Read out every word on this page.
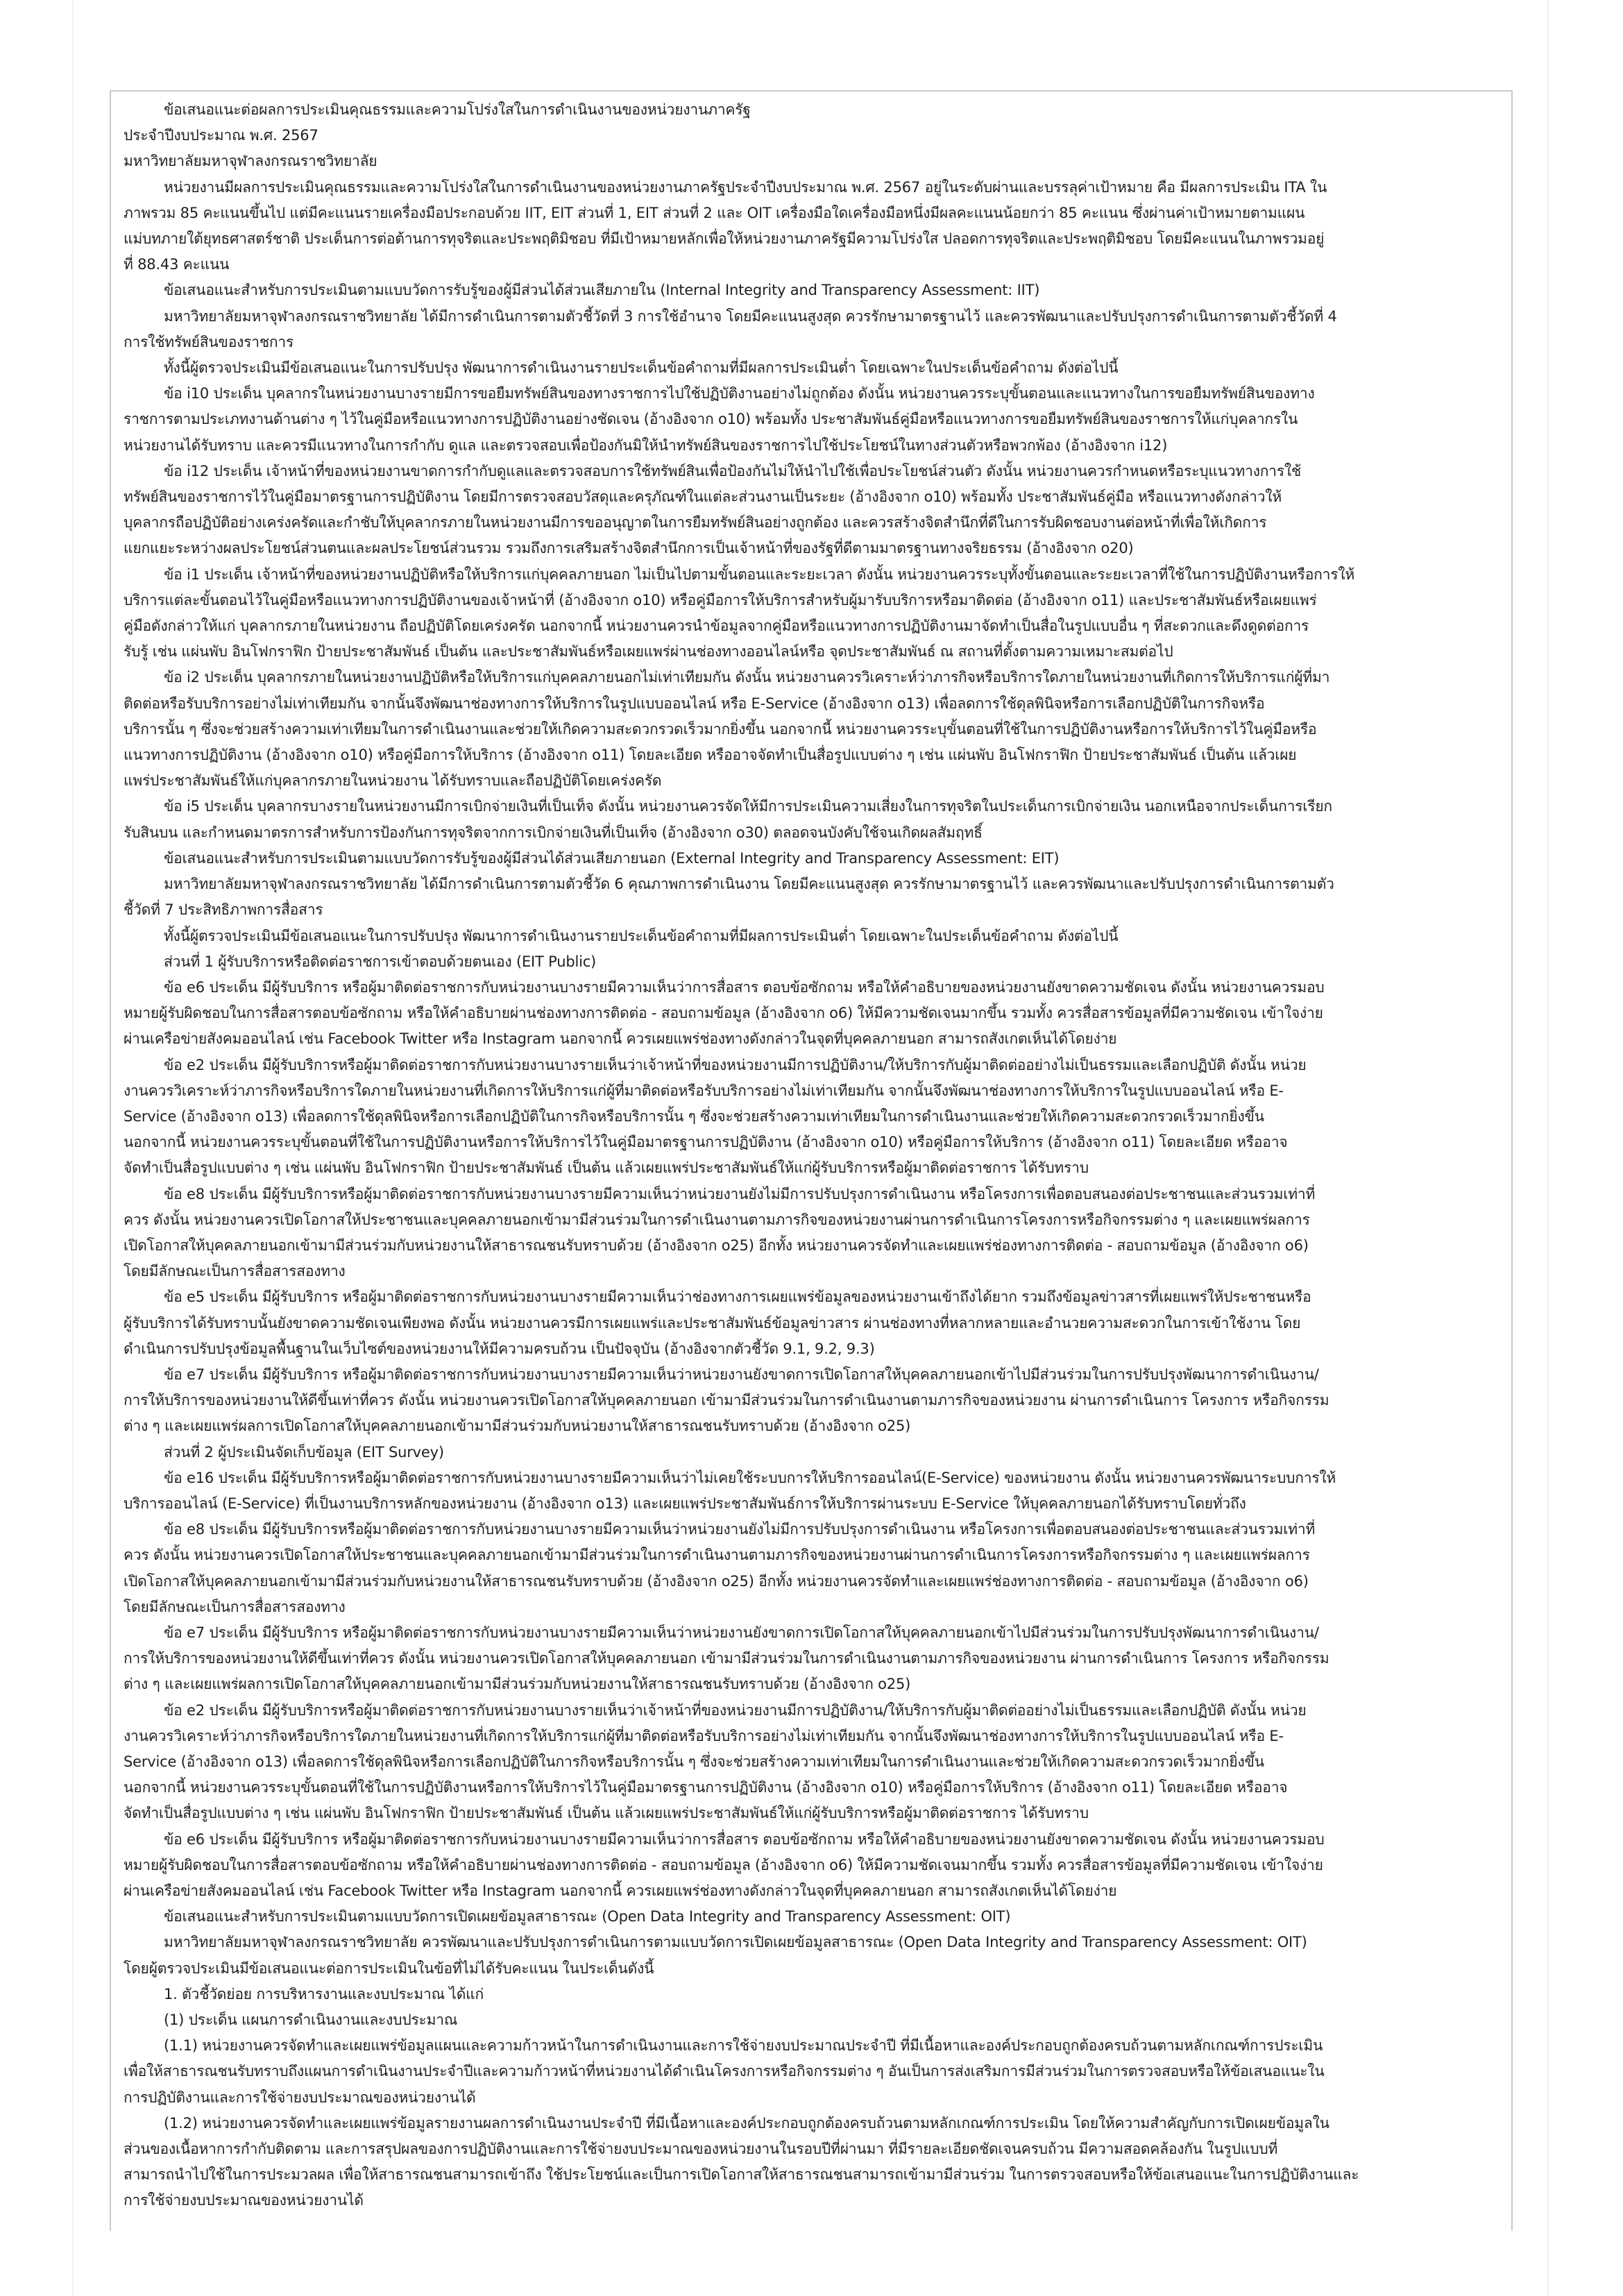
ข้อเสนอแนะต่อผลการประเมินคุณธรรมและความโปร่งใสในการดำเนินงานของหน่วยงานภาครัฐ
ประจำปีงบประมาณ พ.ศ. 2567
มหาวิทยาลัยมหาจุฬาลงกรณราชวิทยาลัย
หน่วยงานมีผลการประเมินคุณธรรมและความโปร่งใสในการดำเนินงานของหน่วยงานภาครัฐประจำปีงบประมาณ พ.ศ. 2567 อยู่ในระดับผ่านและบรรลุค่าเป้าหมาย คือ มีผลการประเมิน ITA ใน
ภาพรวม 85 คะแนนขึ้นไป แต่มีคะแนนรายเครื่องมือประกอบด้วย IIT, EIT ส่วนที่ 1, EIT ส่วนที่ 2 และ OIT เครื่องมือใดเครื่องมือหนึ่งมีผลคะแนนน้อยกว่า 85 คะแนน ซึ่งผ่านค่าเป้าหมายตามแผน
แม่บทภายใต้ยุทธศาสตร์ชาติ ประเด็นการต่อต้านการทุจริตและประพฤติมิชอบ ที่มีเป้าหมายหลักเพื่อให้หน่วยงานภาครัฐมีความโปร่งใส ปลอดการทุจริตและประพฤติมิชอบ โดยมีคะแนนในภาพรวมอยู่
ที่ 88.43 คะแนน
ข้อเสนอแนะสำหรับการประเมินตามแบบวัดการรับรู้ของผู้มีส่วนได้ส่วนเสียภายใน (Internal Integrity and Transparency Assessment: IIT)
มหาวิทยาลัยมหาจุฬาลงกรณราชวิทยาลัย ได้มีการดำเนินการตามตัวชี้วัดที่ 3 การใช้อำนาจ โดยมีคะแนนสูงสุด ควรรักษามาตรฐานไว้ และควรพัฒนาและปรับปรุงการดำเนินการตามตัวชี้วัดที่ 4
การใช้ทรัพย์สินของราชการ
ทั้งนี้ผู้ตรวจประเมินมีข้อเสนอแนะในการปรับปรุง พัฒนาการดำเนินงานรายประเด็นข้อคำถามที่มีผลการประเมินต่ำ โดยเฉพาะในประเด็นข้อคำถาม ดังต่อไปนี้
ข้อ i10 ประเด็น บุคลากรในหน่วยงานบางรายมีการขอยืมทรัพย์สินของทางราชการไปใช้ปฏิบัติงานอย่างไม่ถูกต้อง ดังนั้น หน่วยงานควรระบุขั้นตอนและแนวทางในการขอยืมทรัพย์สินของทาง
ราชการตามประเภทงานด้านต่าง ๆ ไว้ในคู่มือหรือแนวทางการปฏิบัติงานอย่างชัดเจน (อ้างอิงจาก o10) พร้อมทั้ง ประชาสัมพันธ์คู่มือหรือแนวทางการขอยืมทรัพย์สินของราชการให้แก่บุคลากรใน
หน่วยงานได้รับทราบ และควรมีแนวทางในการกำกับ ดูแล และตรวจสอบเพื่อป้องกันมิให้นำทรัพย์สินของราชการไปใช้ประโยชน์ในทางส่วนตัวหรือพวกพ้อง (อ้างอิงจาก i12)
ข้อ i12 ประเด็น เจ้าหน้าที่ของหน่วยงานขาดการกำกับดูแลและตรวจสอบการใช้ทรัพย์สินเพื่อป้องกันไม่ให้นำไปใช้เพื่อประโยชน์ส่วนตัว ดังนั้น หน่วยงานควรกำหนดหรือระบุแนวทางการใช้
ทรัพย์สินของราชการไว้ในคู่มือมาตรฐานการปฏิบัติงาน โดยมีการตรวจสอบวัสดุและครุภัณฑ์ในแต่ละส่วนงานเป็นระยะ (อ้างอิงจาก o10) พร้อมทั้ง ประชาสัมพันธ์คู่มือ หรือแนวทางดังกล่าวให้
บุคลากรถือปฏิบัติอย่างเคร่งครัดและกำชับให้บุคลากรภายในหน่วยงานมีการขออนุญาตในการยืมทรัพย์สินอย่างถูกต้อง และควรสร้างจิตสำนึกที่ดีในการรับผิดชอบงานต่อหน้าที่เพื่อให้เกิดการ
แยกแยะระหว่างผลประโยชน์ส่วนตนและผลประโยชน์ส่วนรวม รวมถึงการเสริมสร้างจิตสำนึกการเป็นเจ้าหน้าที่ของรัฐที่ดีตามมาตรฐานทางจริยธรรม (อ้างอิงจาก o20)
ข้อ i1 ประเด็น เจ้าหน้าที่ของหน่วยงานปฏิบัติหรือให้บริการแก่บุคคลภายนอก ไม่เป็นไปตามขั้นตอนและระยะเวลา ดังนั้น หน่วยงานควรระบุทั้งขั้นตอนและระยะเวลาที่ใช้ในการปฏิบัติงานหรือการให้
บริการแต่ละขั้นตอนไว้ในคู่มือหรือแนวทางการปฏิบัติงานของเจ้าหน้าที่ (อ้างอิงจาก o10) หรือคู่มือการให้บริการสำหรับผู้มารับบริการหรือมาติดต่อ (อ้างอิงจาก o11) และประชาสัมพันธ์หรือเผยแพร่
คู่มือดังกล่าวให้แก่ บุคลากรภายในหน่วยงาน ถือปฏิบัติโดยเคร่งครัด นอกจากนี้ หน่วยงานควรนำข้อมูลจากคู่มือหรือแนวทางการปฏิบัติงานมาจัดทำเป็นสื่อในรูปแบบอื่น ๆ ที่สะดวกและดึงดูดต่อการ
รับรู้ เช่น แผ่นพับ อินโฟกราฟิก ป้ายประชาสัมพันธ์ เป็นต้น และประชาสัมพันธ์หรือเผยแพร่ผ่านช่องทางออนไลน์หรือ จุดประชาสัมพันธ์ ณ สถานที่ตั้งตามความเหมาะสมต่อไป
ข้อ i2 ประเด็น บุคลากรภายในหน่วยงานปฏิบัติหรือให้บริการแก่บุคคลภายนอกไม่เท่าเทียมกัน ดังนั้น หน่วยงานควรวิเคราะห์ว่าภารกิจหรือบริการใดภายในหน่วยงานที่เกิดการให้บริการแก่ผู้ที่มา
ติดต่อหรือรับบริการอย่างไม่เท่าเทียมกัน จากนั้นจึงพัฒนาช่องทางการให้บริการในรูปแบบออนไลน์ หรือ E-Service (อ้างอิงจาก o13) เพื่อลดการใช้ดุลพินิจหรือการเลือกปฏิบัติในการกิจหรือ
บริการนั้น ๆ ซึ่งจะช่วยสร้างความเท่าเทียมในการดำเนินงานและช่วยให้เกิดความสะดวกรวดเร็วมากยิ่งขึ้น นอกจากนี้ หน่วยงานควรระบุขั้นตอนที่ใช้ในการปฏิบัติงานหรือการให้บริการไว้ในคู่มือหรือ
แนวทางการปฏิบัติงาน (อ้างอิงจาก o10) หรือคู่มือการให้บริการ (อ้างอิงจาก o11) โดยละเอียด หรืออาจจัดทำเป็นสื่อรูปแบบต่าง ๆ เช่น แผ่นพับ อินโฟกราฟิก ป้ายประชาสัมพันธ์ เป็นต้น แล้วเผย
แพร่ประชาสัมพันธ์ให้แก่บุคลากรภายในหน่วยงาน ได้รับทราบและถือปฏิบัติโดยเคร่งครัด
ข้อ i5 ประเด็น บุคลากรบางรายในหน่วยงานมีการเบิกจ่ายเงินที่เป็นเท็จ ดังนั้น หน่วยงานควรจัดให้มีการประเมินความเสี่ยงในการทุจริตในประเด็นการเบิกจ่ายเงิน นอกเหนือจากประเด็นการเรียก
รับสินบน และกำหนดมาตรการสำหรับการป้องกันการทุจริตจากการเบิกจ่ายเงินที่เป็นเท็จ (อ้างอิงจาก o30) ตลอดจนบังคับใช้จนเกิดผลสัมฤทธิ์
ข้อเสนอแนะสำหรับการประเมินตามแบบวัดการรับรู้ของผู้มีส่วนได้ส่วนเสียภายนอก (External Integrity and Transparency Assessment: EIT)
มหาวิทยาลัยมหาจุฬาลงกรณราชวิทยาลัย ได้มีการดำเนินการตามตัวชี้วัด 6 คุณภาพการดำเนินงาน โดยมีคะแนนสูงสุด ควรรักษามาตรฐานไว้ และควรพัฒนาและปรับปรุงการดำเนินการตามตัว
ชี้วัดที่ 7 ประสิทธิภาพการสื่อสาร
ทั้งนี้ผู้ตรวจประเมินมีข้อเสนอแนะในการปรับปรุง พัฒนาการดำเนินงานรายประเด็นข้อคำถามที่มีผลการประเมินต่ำ โดยเฉพาะในประเด็นข้อคำถาม ดังต่อไปนี้
ส่วนที่ 1 ผู้รับบริการหรือติดต่อราชการเข้าตอบด้วยตนเอง (EIT Public)
ข้อ e6 ประเด็น มีผู้รับบริการ หรือผู้มาติดต่อราชการกับหน่วยงานบางรายมีความเห็นว่าการสื่อสาร ตอบข้อซักถาม หรือให้คำอธิบายของหน่วยงานยังขาดความชัดเจน ดังนั้น หน่วยงานควรมอบ
หมายผู้รับผิดชอบในการสื่อสารตอบข้อซักถาม หรือให้คำอธิบายผ่านช่องทางการติดต่อ - สอบถามข้อมูล (อ้างอิงจาก o6) ให้มีความชัดเจนมากขึ้น รวมทั้ง ควรสื่อสารข้อมูลที่มีความชัดเจน เข้าใจง่าย
ผ่านเครือข่ายสังคมออนไลน์ เช่น Facebook Twitter หรือ Instagram นอกจากนี้ ควรเผยแพร่ช่องทางดังกล่าวในจุดที่บุคคลภายนอก สามารถสังเกตเห็นได้โดยง่าย
ข้อ e2 ประเด็น มีผู้รับบริการหรือผู้มาติดต่อราชการกับหน่วยงานบางรายเห็นว่าเจ้าหน้าที่ของหน่วยงานมีการปฏิบัติงาน/ให้บริการกับผู้มาติดต่ออย่างไม่เป็นธรรมและเลือกปฏิบัติ ดังนั้น หน่วย
งานควรวิเคราะห์ว่าภารกิจหรือบริการใดภายในหน่วยงานที่เกิดการให้บริการแก่ผู้ที่มาติดต่อหรือรับบริการอย่างไม่เท่าเทียมกัน จากนั้นจึงพัฒนาช่องทางการให้บริการในรูปแบบออนไลน์ หรือ E-
Service (อ้างอิงจาก o13) เพื่อลดการใช้ดุลพินิจหรือการเลือกปฏิบัติในการกิจหรือบริการนั้น ๆ ซึ่งจะช่วยสร้างความเท่าเทียมในการดำเนินงานและช่วยให้เกิดความสะดวกรวดเร็วมากยิ่งขึ้น
นอกจากนี้ หน่วยงานควรระบุขั้นตอนที่ใช้ในการปฏิบัติงานหรือการให้บริการไว้ในคู่มือมาตรฐานการปฏิบัติงาน (อ้างอิงจาก o10) หรือคู่มือการให้บริการ (อ้างอิงจาก o11) โดยละเอียด หรืออาจ
จัดทำเป็นสื่อรูปแบบต่าง ๆ เช่น แผ่นพับ อินโฟกราฟิก ป้ายประชาสัมพันธ์ เป็นต้น แล้วเผยแพร่ประชาสัมพันธ์ให้แก่ผู้รับบริการหรือผู้มาติดต่อราชการ ได้รับทราบ
ข้อ e8 ประเด็น มีผู้รับบริการหรือผู้มาติดต่อราชการกับหน่วยงานบางรายมีความเห็นว่าหน่วยงานยังไม่มีการปรับปรุงการดำเนินงาน หรือโครงการเพื่อตอบสนองต่อประชาชนและส่วนรวมเท่าที่
ควร ดังนั้น หน่วยงานควรเปิดโอกาสให้ประชาชนและบุคคลภายนอกเข้ามามีส่วนร่วมในการดำเนินงานตามภารกิจของหน่วยงานผ่านการดำเนินการโครงการหรือกิจกรรมต่าง ๆ และเผยแพร่ผลการ
เปิดโอกาสให้บุคคลภายนอกเข้ามามีส่วนร่วมกับหน่วยงานให้สาธารณชนรับทราบด้วย (อ้างอิงจาก o25) อีกทั้ง หน่วยงานควรจัดทำและเผยแพร่ช่องทางการติดต่อ - สอบถามข้อมูล (อ้างอิงจาก o6)
โดยมีลักษณะเป็นการสื่อสารสองทาง
ข้อ e5 ประเด็น มีผู้รับบริการ หรือผู้มาติดต่อราชการกับหน่วยงานบางรายมีความเห็นว่าช่องทางการเผยแพร่ข้อมูลของหน่วยงานเข้าถึงได้ยาก รวมถึงข้อมูลข่าวสารที่เผยแพร่ให้ประชาชนหรือ
ผู้รับบริการได้รับทราบนั้นยังขาดความชัดเจนเพียงพอ ดังนั้น หน่วยงานควรมีการเผยแพร่และประชาสัมพันธ์ข้อมูลข่าวสาร ผ่านช่องทางที่หลากหลายและอำนวยความสะดวกในการเข้าใช้งาน โดย
ดำเนินการปรับปรุงข้อมูลพื้นฐานในเว็บไซต์ของหน่วยงานให้มีความครบถ้วน เป็นปัจจุบัน (อ้างอิงจากตัวชี้วัด 9.1, 9.2, 9.3)
ข้อ e7 ประเด็น มีผู้รับบริการ หรือผู้มาติดต่อราชการกับหน่วยงานบางรายมีความเห็นว่าหน่วยงานยังขาดการเปิดโอกาสให้บุคคลภายนอกเข้าไปมีส่วนร่วมในการปรับปรุงพัฒนาการดำเนินงาน/
การให้บริการของหน่วยงานให้ดีขึ้นเท่าที่ควร ดังนั้น หน่วยงานควรเปิดโอกาสให้บุคคลภายนอก เข้ามามีส่วนร่วมในการดำเนินงานตามภารกิจของหน่วยงาน ผ่านการดำเนินการ โครงการ หรือกิจกรรม
ต่าง ๆ และเผยแพร่ผลการเปิดโอกาสให้บุคคลภายนอกเข้ามามีส่วนร่วมกับหน่วยงานให้สาธารณชนรับทราบด้วย (อ้างอิงจาก o25)
ส่วนที่ 2 ผู้ประเมินจัดเก็บข้อมูล (EIT Survey)
ข้อ e16 ประเด็น มีผู้รับบริการหรือผู้มาติดต่อราชการกับหน่วยงานบางรายมีความเห็นว่าไม่เคยใช้ระบบการให้บริการออนไลน์(E-Service) ของหน่วยงาน ดังนั้น หน่วยงานควรพัฒนาระบบการให้
บริการออนไลน์ (E-Service) ที่เป็นงานบริการหลักของหน่วยงาน (อ้างอิงจาก o13) และเผยแพร่ประชาสัมพันธ์การให้บริการผ่านระบบ E-Service ให้บุคคลภายนอกได้รับทราบโดยทั่วถึง
ข้อ e8 ประเด็น มีผู้รับบริการหรือผู้มาติดต่อราชการกับหน่วยงานบางรายมีความเห็นว่าหน่วยงานยังไม่มีการปรับปรุงการดำเนินงาน หรือโครงการเพื่อตอบสนองต่อประชาชนและส่วนรวมเท่าที่
ควร ดังนั้น หน่วยงานควรเปิดโอกาสให้ประชาชนและบุคคลภายนอกเข้ามามีส่วนร่วมในการดำเนินงานตามภารกิจของหน่วยงานผ่านการดำเนินการโครงการหรือกิจกรรมต่าง ๆ และเผยแพร่ผลการ
เปิดโอกาสให้บุคคลภายนอกเข้ามามีส่วนร่วมกับหน่วยงานให้สาธารณชนรับทราบด้วย (อ้างอิงจาก o25) อีกทั้ง หน่วยงานควรจัดทำและเผยแพร่ช่องทางการติดต่อ - สอบถามข้อมูล (อ้างอิงจาก o6)
โดยมีลักษณะเป็นการสื่อสารสองทาง
ข้อ e7 ประเด็น มีผู้รับบริการ หรือผู้มาติดต่อราชการกับหน่วยงานบางรายมีความเห็นว่าหน่วยงานยังขาดการเปิดโอกาสให้บุคคลภายนอกเข้าไปมีส่วนร่วมในการปรับปรุงพัฒนาการดำเนินงาน/
การให้บริการของหน่วยงานให้ดีขึ้นเท่าที่ควร ดังนั้น หน่วยงานควรเปิดโอกาสให้บุคคลภายนอก เข้ามามีส่วนร่วมในการดำเนินงานตามภารกิจของหน่วยงาน ผ่านการดำเนินการ โครงการ หรือกิจกรรม
ต่าง ๆ และเผยแพร่ผลการเปิดโอกาสให้บุคคลภายนอกเข้ามามีส่วนร่วมกับหน่วยงานให้สาธารณชนรับทราบด้วย (อ้างอิงจาก o25)
ข้อ e2 ประเด็น มีผู้รับบริการหรือผู้มาติดต่อราชการกับหน่วยงานบางรายเห็นว่าเจ้าหน้าที่ของหน่วยงานมีการปฏิบัติงาน/ให้บริการกับผู้มาติดต่ออย่างไม่เป็นธรรมและเลือกปฏิบัติ ดังนั้น หน่วย
งานควรวิเคราะห์ว่าภารกิจหรือบริการใดภายในหน่วยงานที่เกิดการให้บริการแก่ผู้ที่มาติดต่อหรือรับบริการอย่างไม่เท่าเทียมกัน จากนั้นจึงพัฒนาช่องทางการให้บริการในรูปแบบออนไลน์ หรือ E-
Service (อ้างอิงจาก o13) เพื่อลดการใช้ดุลพินิจหรือการเลือกปฏิบัติในการกิจหรือบริการนั้น ๆ ซึ่งจะช่วยสร้างความเท่าเทียมในการดำเนินงานและช่วยให้เกิดความสะดวกรวดเร็วมากยิ่งขึ้น
นอกจากนี้ หน่วยงานควรระบุขั้นตอนที่ใช้ในการปฏิบัติงานหรือการให้บริการไว้ในคู่มือมาตรฐานการปฏิบัติงาน (อ้างอิงจาก o10) หรือคู่มือการให้บริการ (อ้างอิงจาก o11) โดยละเอียด หรืออาจ
จัดทำเป็นสื่อรูปแบบต่าง ๆ เช่น แผ่นพับ อินโฟกราฟิก ป้ายประชาสัมพันธ์ เป็นต้น แล้วเผยแพร่ประชาสัมพันธ์ให้แก่ผู้รับบริการหรือผู้มาติดต่อราชการ ได้รับทราบ
ข้อ e6 ประเด็น มีผู้รับบริการ หรือผู้มาติดต่อราชการกับหน่วยงานบางรายมีความเห็นว่าการสื่อสาร ตอบข้อซักถาม หรือให้คำอธิบายของหน่วยงานยังขาดความชัดเจน ดังนั้น หน่วยงานควรมอบ
หมายผู้รับผิดชอบในการสื่อสารตอบข้อซักถาม หรือให้คำอธิบายผ่านช่องทางการติดต่อ - สอบถามข้อมูล (อ้างอิงจาก o6) ให้มีความชัดเจนมากขึ้น รวมทั้ง ควรสื่อสารข้อมูลที่มีความชัดเจน เข้าใจง่าย
ผ่านเครือข่ายสังคมออนไลน์ เช่น Facebook Twitter หรือ Instagram นอกจากนี้ ควรเผยแพร่ช่องทางดังกล่าวในจุดที่บุคคลภายนอก สามารถสังเกตเห็นได้โดยง่าย
ข้อเสนอแนะสำหรับการประเมินตามแบบวัดการเปิดเผยข้อมูลสาธารณะ (Open Data Integrity and Transparency Assessment: OIT)
มหาวิทยาลัยมหาจุฬาลงกรณราชวิทยาลัย ควรพัฒนาและปรับปรุงการดำเนินการตามแบบวัดการเปิดเผยข้อมูลสาธารณะ (Open Data Integrity and Transparency Assessment: OIT)
โดยผู้ตรวจประเมินมีข้อเสนอแนะต่อการประเมินในข้อที่ไม่ได้รับคะแนน ในประเด็นดังนี้
1. ตัวชี้วัดย่อย การบริหารงานและงบประมาณ ได้แก่
(1) ประเด็น แผนการดำเนินงานและงบประมาณ
(1.1) หน่วยงานควรจัดทำและเผยแพร่ข้อมูลแผนและความก้าวหน้าในการดำเนินงานและการใช้จ่ายงบประมาณประจำปี ที่มีเนื้อหาและองค์ประกอบถูกต้องครบถ้วนตามหลักเกณฑ์การประเมิน
เพื่อให้สาธารณชนรับทราบถึงแผนการดำเนินงานประจำปีและความก้าวหน้าที่หน่วยงานได้ดำเนินโครงการหรือกิจกรรมต่าง ๆ อันเป็นการส่งเสริมการมีส่วนร่วมในการตรวจสอบหรือให้ข้อเสนอแนะใน
การปฏิบัติงานและการใช้จ่ายงบประมาณของหน่วยงานได้
(1.2) หน่วยงานควรจัดทำและเผยแพร่ข้อมูลรายงานผลการดำเนินงานประจำปี ที่มีเนื้อหาและองค์ประกอบถูกต้องครบถ้วนตามหลักเกณฑ์การประเมิน โดยให้ความสำคัญกับการเปิดเผยข้อมูลใน
ส่วนของเนื้อหาการกำกับติดตาม และการสรุปผลของการปฏิบัติงานและการใช้จ่ายงบประมาณของหน่วยงานในรอบปีที่ผ่านมา ที่มีรายละเอียดชัดเจนครบถ้วน มีความสอดคล้องกัน ในรูปแบบที่
สามารถนำไปใช้ในการประมวลผล เพื่อให้สาธารณชนสามารถเข้าถึง ใช้ประโยชน์และเป็นการเปิดโอกาสให้สาธารณชนสามารถเข้ามามีส่วนร่วม ในการตรวจสอบหรือให้ข้อเสนอแนะในการปฏิบัติงานและ
การใช้จ่ายงบประมาณของหน่วยงานได้
